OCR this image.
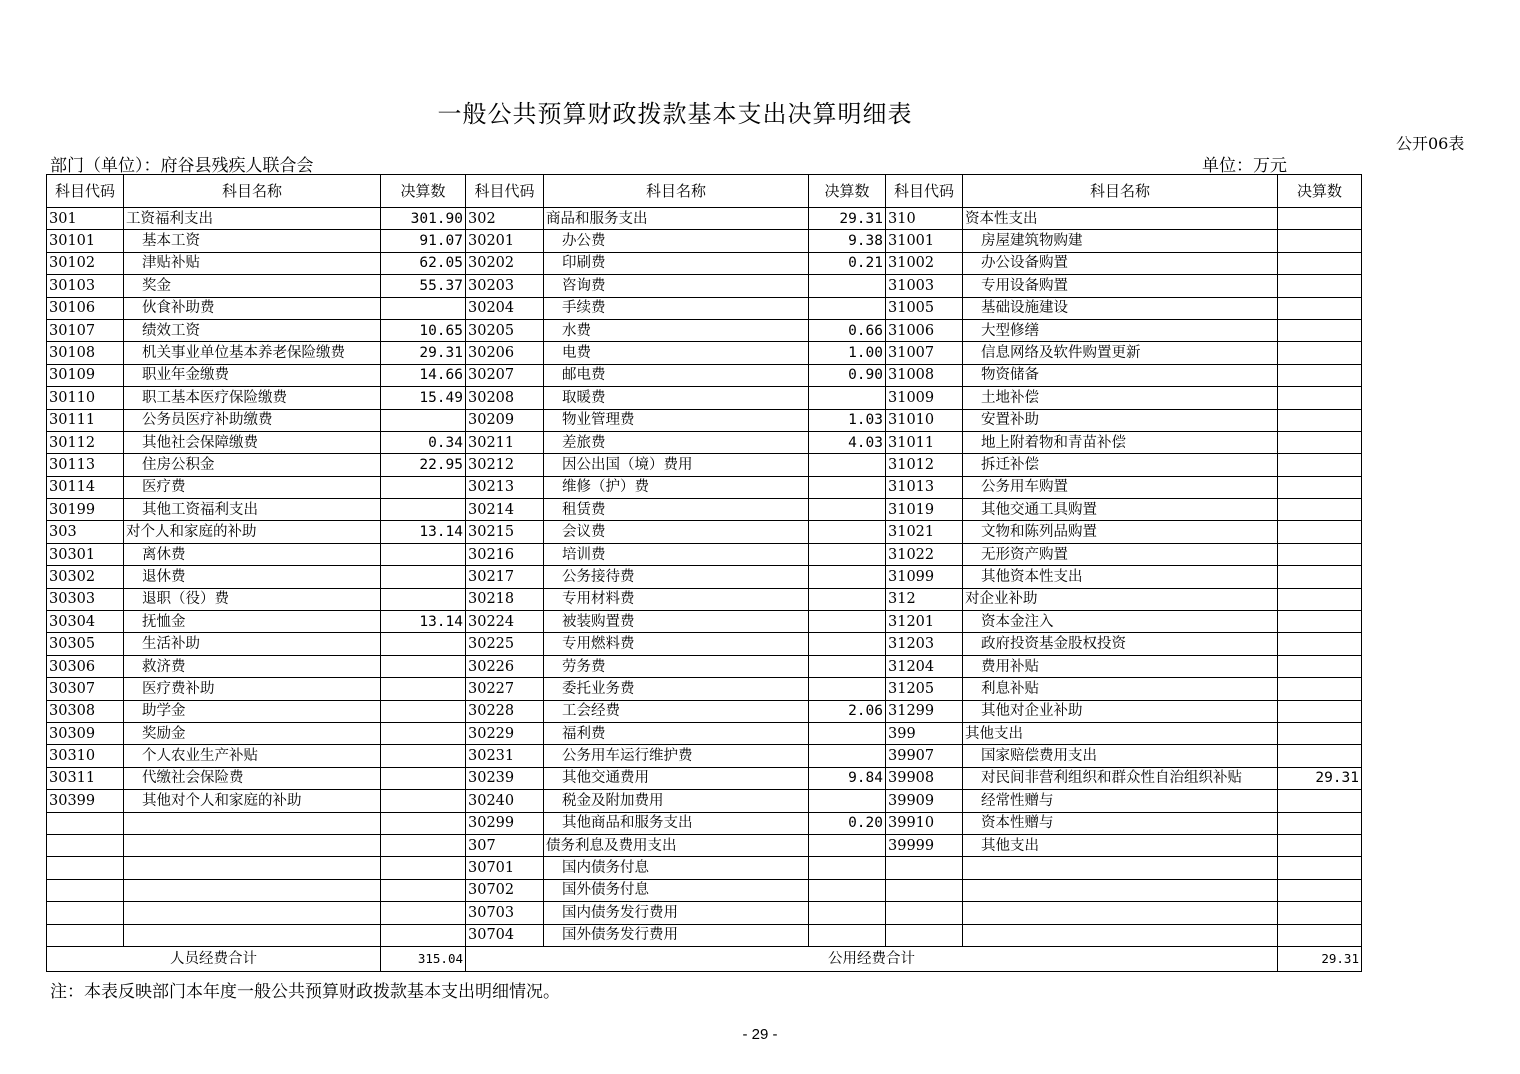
一般公共预算财政拨款基本支出决算明细表
公开06表
部门（单位）：府谷县残疾人联合会	单位：万元
科目代码	科目名称	决算数	科目代码	科目名称	决算数	科目代码	科目名称	决算数
301	工资福利支出	301.90	302	商品和服务支出	29.31	310	资本性支出	
30101	基本工资	91.07	30201	办公费	9.38	31001	房屋建筑物购建	
30102	津贴补贴	62.05	30202	印刷费	0.21	31002	办公设备购置	
30103	奖金	55.37	30203	咨询费		31003	专用设备购置	
30106	伙食补助费		30204	手续费		31005	基础设施建设	
30107	绩效工资	10.65	30205	水费	0.66	31006	大型修缮	
30108	机关事业单位基本养老保险缴费	29.31	30206	电费	1.00	31007	信息网络及软件购置更新	
30109	职业年金缴费	14.66	30207	邮电费	0.90	31008	物资储备	
30110	职工基本医疗保险缴费	15.49	30208	取暖费		31009	土地补偿	
30111	公务员医疗补助缴费		30209	物业管理费	1.03	31010	安置补助	
30112	其他社会保障缴费	0.34	30211	差旅费	4.03	31011	地上附着物和青苗补偿	
30113	住房公积金	22.95	30212	因公出国（境）费用		31012	拆迁补偿	
30114	医疗费		30213	维修（护）费		31013	公务用车购置	
30199	其他工资福利支出		30214	租赁费		31019	其他交通工具购置	
303	对个人和家庭的补助	13.14	30215	会议费		31021	文物和陈列品购置	
30301	离休费		30216	培训费		31022	无形资产购置	
30302	退休费		30217	公务接待费		31099	其他资本性支出	
30303	退职（役）费		30218	专用材料费		312	对企业补助	
30304	抚恤金	13.14	30224	被装购置费		31201	资本金注入	
30305	生活补助		30225	专用燃料费		31203	政府投资基金股权投资	
30306	救济费		30226	劳务费		31204	费用补贴	
30307	医疗费补助		30227	委托业务费		31205	利息补贴	
30308	助学金		30228	工会经费	2.06	31299	其他对企业补助	
30309	奖励金		30229	福利费		399	其他支出	
30310	个人农业生产补贴		30231	公务用车运行维护费		39907	国家赔偿费用支出	
30311	代缴社会保险费		30239	其他交通费用	9.84	39908	对民间非营利组织和群众性自治组织补贴	29.31
30399	其他对个人和家庭的补助		30240	税金及附加费用		39909	经常性赠与	
			30299	其他商品和服务支出	0.20	39910	资本性赠与	
			307	债务利息及费用支出		39999	其他支出	
			30701	国内债务付息				
			30702	国外债务付息				
			30703	国内债务发行费用				
			30704	国外债务发行费用				
人员经费合计		315.04	公用经费合计					29.31
注：本表反映部门本年度一般公共预算财政拨款基本支出明细情况。
- 29 -
